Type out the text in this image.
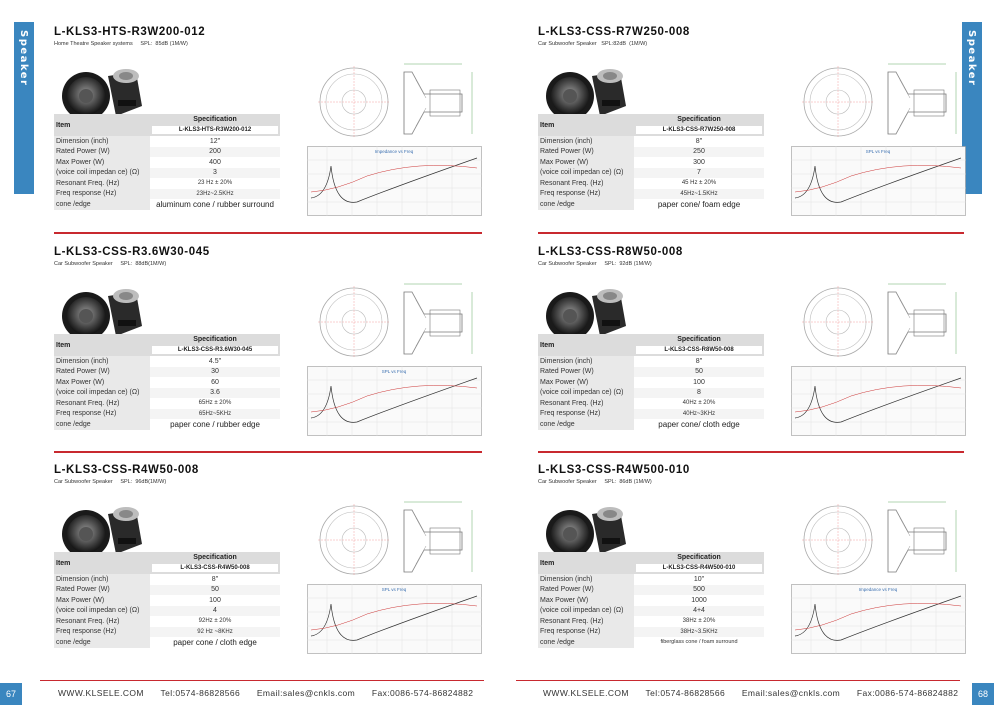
Speaker	Speaker
L-KLS3-HTS-R3W200-012
Home Theatre Speaker systems     SPL:  85dB (1M/W)
Impedance vs Freq
Item	Specification
L-KLS3-HTS-R3W200-012

Dimension (inch)	12"
Rated Power (W)	200
Max Power (W)	400
(voice coil impedan ce) (Ω)	3
Resonant Freq. (Hz)	23 Hz ± 20%
Freq response (Hz)	23Hz~2.5KHz
cone /edge	aluminum cone / rubber surround
L-KLS3-CSS-R7W250-008
Car Subwoofer Speaker   SPL:82dB  (1M/W)
SPL vs Freq
Item	Specification
L-KLS3-CSS-R7W250-008

Dimension (inch)	8"
Rated Power (W)	250
Max Power (W)	300
(voice coil impedan ce) (Ω)	7
Resonant Freq. (Hz)	45 Hz ± 20%
Freq response (Hz)	45Hz~1.5KHz
cone /edge	paper cone/ foam edge
L-KLS3-CSS-R3.6W30-045
Car Subwoofer Speaker     SPL:  88dB(1M/W)
SPL vs Freq
Item	Specification
L-KLS3-CSS-R3.6W30-045

Dimension (inch)	4.5"
Rated Power (W)	30
Max Power (W)	60
(voice coil impedan ce) (Ω)	3.6
Resonant Freq. (Hz)	65Hz ± 20%
Freq response (Hz)	65Hz~5KHz
cone /edge	paper cone / rubber edge
L-KLS3-CSS-R8W50-008
Car Subwoofer Speaker     SPL:  92dB (1M/W)
Item	Specification
L-KLS3-CSS-R8W50-008

Dimension (inch)	8"
Rated Power (W)	50
Max Power (W)	100
(voice coil impedan ce) (Ω)	8
Resonant Freq. (Hz)	40Hz ± 20%
Freq response (Hz)	40Hz~3KHz
cone /edge	paper cone/ cloth edge
L-KLS3-CSS-R4W50-008
Car Subwoofer Speaker     SPL:  96dB(1M/W)
SPL vs Freq
Item	Specification
L-KLS3-CSS-R4W50-008

Dimension (inch)	8"
Rated Power (W)	50
Max Power (W)	100
(voice coil impedan ce) (Ω)	4
Resonant Freq. (Hz)	92Hz ± 20%
Freq response (Hz)	92 Hz ~8KHz
cone /edge	paper cone / cloth edge
L-KLS3-CSS-R4W500-010
Car Subwoofer Speaker     SPL:  86dB (1M/W)
Impedance vs Freq
Item	Specification
L-KLS3-CSS-R4W500-010

Dimension (inch)	10"
Rated Power (W)	500
Max Power (W)	1000
(voice coil impedan ce) (Ω)	4+4
Resonant Freq. (Hz)	38Hz ± 20%
Freq response (Hz)	38Hz~3.5KHz
cone /edge	fiberglass cone / foam surround
67	68
WWW.KLSELE.COM Tel:0574-86828566 Email:sales@cnkls.com Fax:0086-574-86824882	WWW.KLSELE.COM Tel:0574-86828566 Email:sales@cnkls.com Fax:0086-574-86824882
